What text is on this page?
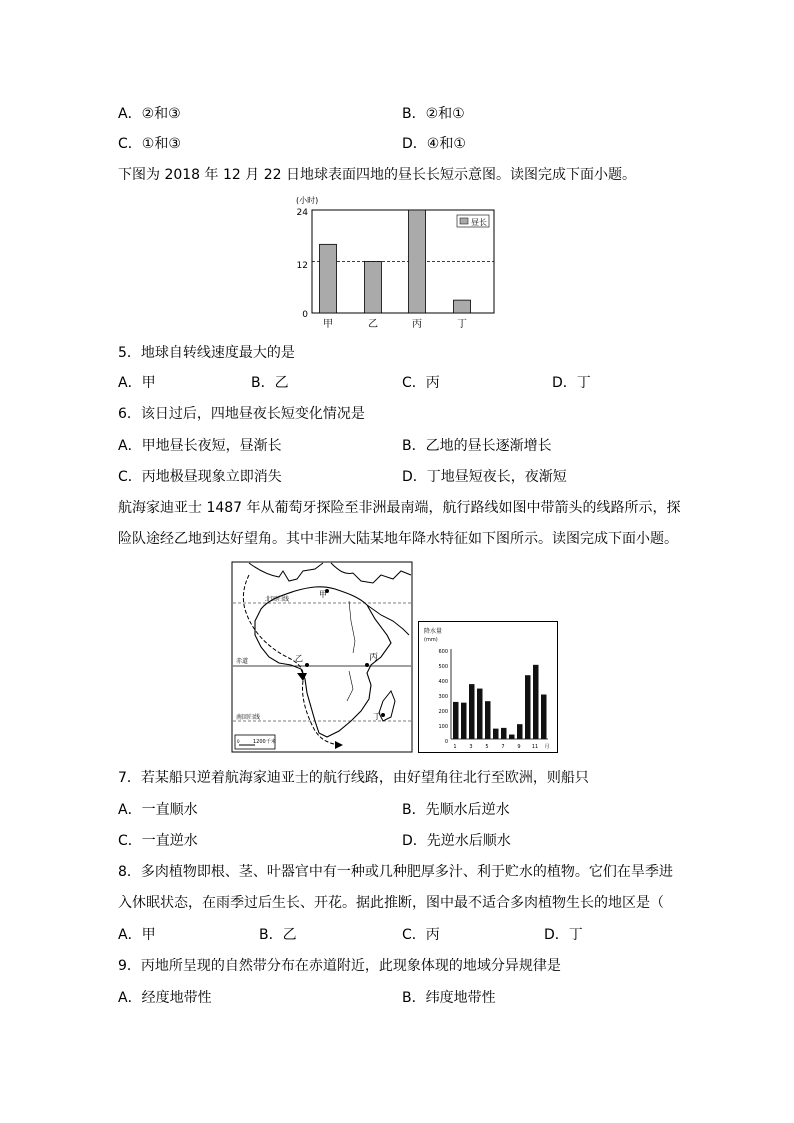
A．②和③	B．②和①
C．①和③	D．④和①
下图为 2018 年 12 月 22 日地球表面四地的昼长长短示意图。读图完成下面小题。
(小时)
24
12
0
甲	乙	丙	丁
昼长
5．地球自转线速度最大的是
A．甲	B．乙	C．丙	D．丁
6．该日过后，四地昼夜长短变化情况是
A．甲地昼长夜短，昼渐长	B．乙地的昼长逐渐增长
C．丙地极昼现象立即消失	D．丁地昼短夜长，夜渐短
航海家迪亚士 1487 年从葡萄牙探险至非洲最南端，航行路线如图中带箭头的线路所示，探
险队途经乙地到达好望角。其中非洲大陆某地年降水特征如下图所示。读图完成下面小题。
北回归线
赤道
南回归线
甲
丙
乙
丁
0	1200千米
降水量
(mm)
600
500
400
300
200
100
0
1	3	5	7	9 11 月
7．若某船只逆着航海家迪亚士的航行线路，由好望角往北行至欧洲，则船只
A．一直顺水	B．先顺水后逆水
C．一直逆水	D．先逆水后顺水
8．多肉植物即根、茎、叶器官中有一种或几种肥厚多汁、利于贮水的植物。它们在旱季进
入休眠状态，在雨季过后生长、开花。据此推断，图中最不适合多肉植物生长的地区是（
A．甲	B．乙	C．丙	D．丁
9．丙地所呈现的自然带分布在赤道附近，此现象体现的地域分异规律是
A．经度地带性	B．纬度地带性
